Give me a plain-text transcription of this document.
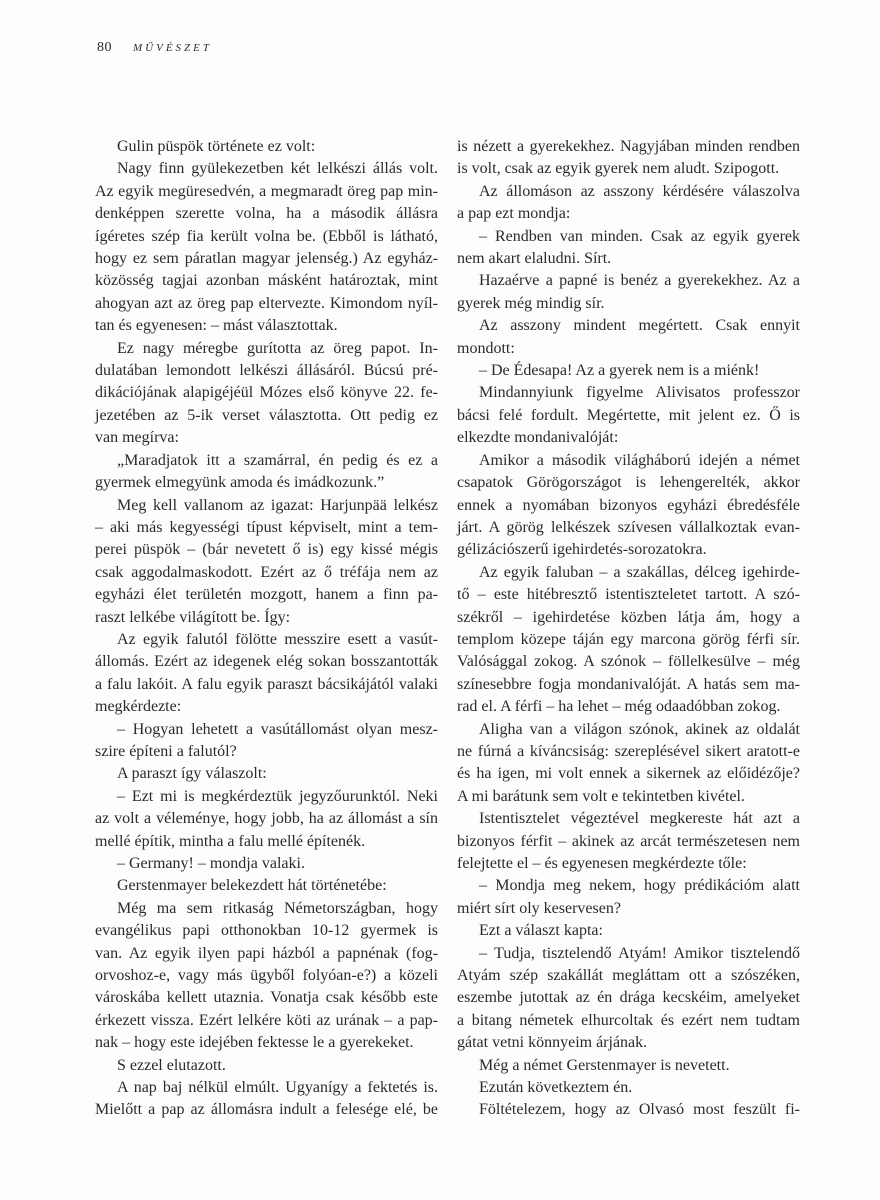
80 MŰVÉSZET
Gulin püspök története ez volt:
Nagy finn gyülekezetben két lelkészi állás volt.
Az egyik megüresedvén, a megmaradt öreg pap min-
denképpen szerette volna, ha a második állásra
ígéretes szép fia került volna be. (Ebből is látható,
hogy ez sem páratlan magyar jelenség.) Az egyház-
közösség tagjai azonban másként határoztak, mint
ahogyan azt az öreg pap eltervezte. Kimondom nyíl-
tan és egyenesen: – mást választottak.
Ez nagy méregbe gurította az öreg papot. In-
dulatában lemondott lelkészi állásáról. Búcsú pré-
dikációjának alapigéjéül Mózes első könyve 22. fe-
jezetében az 5-ik verset választotta. Ott pedig ez
van megírva:
„Maradjatok itt a szamárral, én pedig és ez a
gyermek elmegyünk amoda és imádkozunk.”
Meg kell vallanom az igazat: Harjunpää lelkész
– aki más kegyességi típust képviselt, mint a tem-
perei püspök – (bár nevetett ő is) egy kissé mégis
csak aggodalmaskodott. Ezért az ő tréfája nem az
egyházi élet területén mozgott, hanem a finn pa-
raszt lelkébe világított be. Így:
Az egyik falutól fölötte messzire esett a vasút-
állomás. Ezért az idegenek elég sokan bosszantották
a falu lakóit. A falu egyik paraszt bácsikájától valaki
megkérdezte:
– Hogyan lehetett a vasútállomást olyan mesz-
szire építeni a falutól?
A paraszt így válaszolt:
– Ezt mi is megkérdeztük jegyzőurunktól. Neki
az volt a véleménye, hogy jobb, ha az állomást a sín
mellé építik, mintha a falu mellé építenék.
– Germany! – mondja valaki.
Gerstenmayer belekezdett hát történetébe:
Még ma sem ritkaság Németországban, hogy
evangélikus papi otthonokban 10-12 gyermek is
van. Az egyik ilyen papi házból a papnénak (fog-
orvoshoz-e, vagy más ügyből folyóan-e?) a közeli
városkába kellett utaznia. Vonatja csak később este
érkezett vissza. Ezért lelkére köti az urának – a pap-
nak – hogy este idejében fektesse le a gyerekeket.
S ezzel elutazott.
A nap baj nélkül elmúlt. Ugyanígy a fektetés is.
Mielőtt a pap az állomásra indult a felesége elé, be
is nézett a gyerekekhez. Nagyjában minden rendben
is volt, csak az egyik gyerek nem aludt. Szipogott.
Az állomáson az asszony kérdésére válaszolva
a pap ezt mondja:
– Rendben van minden. Csak az egyik gyerek
nem akart elaludni. Sírt.
Hazaérve a papné is benéz a gyerekekhez. Az a
gyerek még mindig sír.
Az asszony mindent megértett. Csak ennyit
mondott:
– De Édesapa! Az a gyerek nem is a miénk!
Mindannyiunk figyelme Alivisatos professzor
bácsi felé fordult. Megértette, mit jelent ez. Ő is
elkezdte mondanivalóját:
Amikor a második világháború idején a német
csapatok Görögországot is lehengerelték, akkor
ennek a nyomában bizonyos egyházi ébredésféle
járt. A görög lelkészek szívesen vállalkoztak evan-
gélizációszerű igehirdetés-sorozatokra.
Az egyik faluban – a szakállas, délceg igehirde-
tő – este hitébresztő istentiszteletet tartott. A szó-
székről – igehirdetése közben látja ám, hogy a
templom közepe táján egy marcona görög férfi sír.
Valósággal zokog. A szónok – föllelkesülve – még
színesebbre fogja mondanivalóját. A hatás sem ma-
rad el. A férfi – ha lehet – még odaadóbban zokog.
Aligha van a világon szónok, akinek az oldalát
ne fúrná a kíváncsiság: szereplésével sikert aratott-e
és ha igen, mi volt ennek a sikernek az előidézője?
A mi barátunk sem volt e tekintetben kivétel.
Istentisztelet végeztével megkereste hát azt a
bizonyos férfit – akinek az arcát természetesen nem
felejtette el – és egyenesen megkérdezte tőle:
– Mondja meg nekem, hogy prédikációm alatt
miért sírt oly keservesen?
Ezt a választ kapta:
– Tudja, tisztelendő Atyám! Amikor tisztelendő
Atyám szép szakállát megláttam ott a szószéken,
eszembe jutottak az én drága kecskéim, amelyeket
a bitang németek elhurcoltak és ezért nem tudtam
gátat vetni könnyeim árjának.
Még a német Gerstenmayer is nevetett.
Ezután következtem én.
Föltételezem, hogy az Olvasó most feszült fi-
